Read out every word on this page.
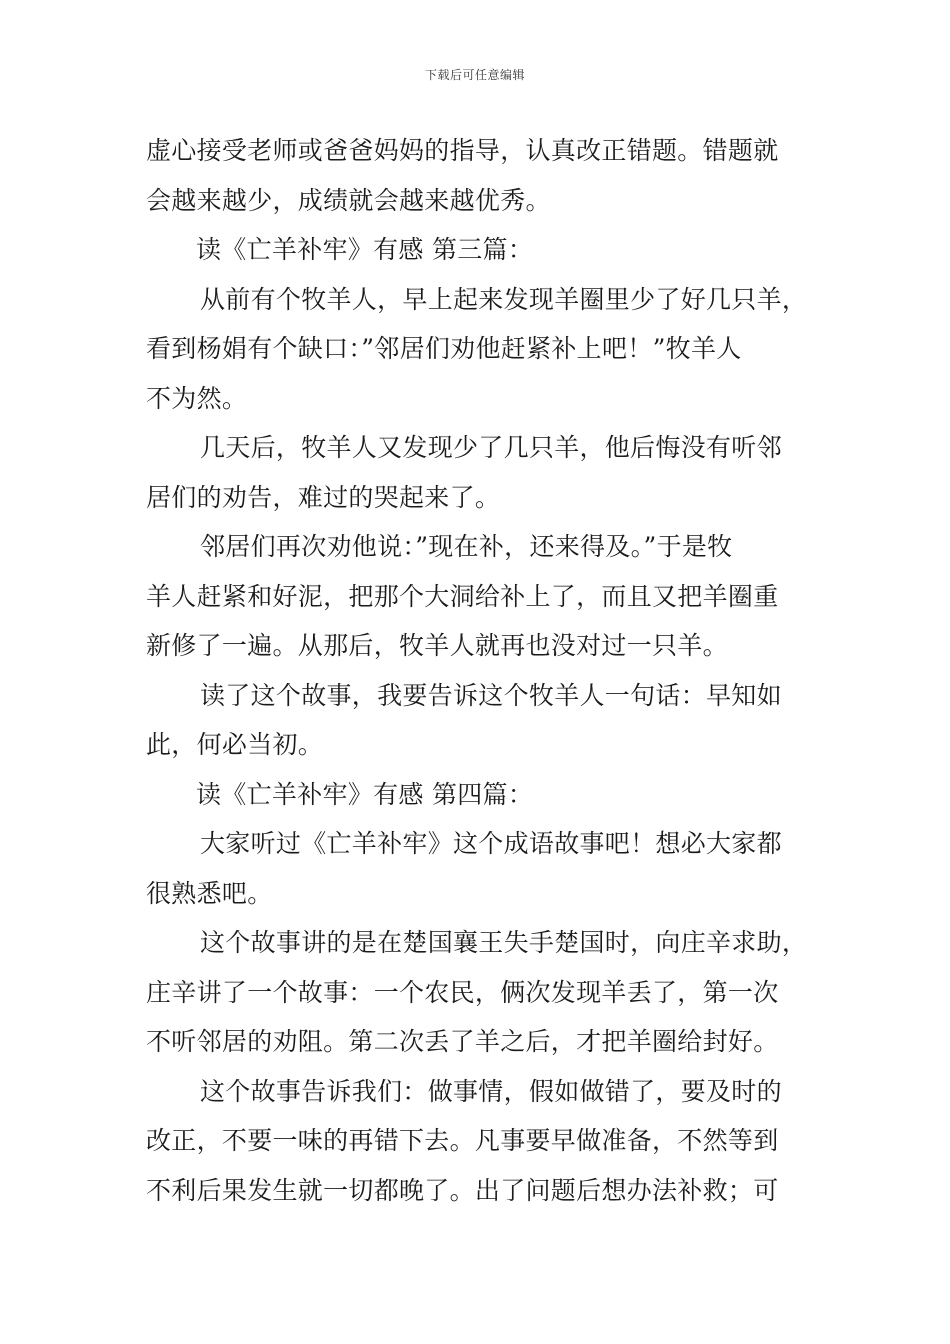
下载后可任意编辑
虚心接受老师或爸爸妈妈的指导，认真改正错题。错题就
会越来越少，成绩就会越来越优秀。
读《亡羊补牢》有感 第三篇：
从前有个牧羊人，早上起来发现羊圈里少了好几只羊，
看到杨娟有个缺口：”邻居们劝他赶紧补上吧！”牧羊人
不为然。
几天后，牧羊人又发现少了几只羊，他后悔没有听邻
居们的劝告，难过的哭起来了。
邻居们再次劝他说：”现在补，还来得及。”于是牧
羊人赶紧和好泥，把那个大洞给补上了，而且又把羊圈重
新修了一遍。从那后，牧羊人就再也没对过一只羊。
读了这个故事，我要告诉这个牧羊人一句话：早知如
此，何必当初。
读《亡羊补牢》有感 第四篇：
大家听过《亡羊补牢》这个成语故事吧！想必大家都
很熟悉吧。
这个故事讲的是在楚国襄王失手楚国时，向庄辛求助，
庄辛讲了一个故事：一个农民，俩次发现羊丢了，第一次
不听邻居的劝阻。第二次丢了羊之后，才把羊圈给封好。
这个故事告诉我们：做事情，假如做错了，要及时的
改正，不要一味的再错下去。凡事要早做准备，不然等到
不利后果发生就一切都晚了。出了问题后想办法补救；可
